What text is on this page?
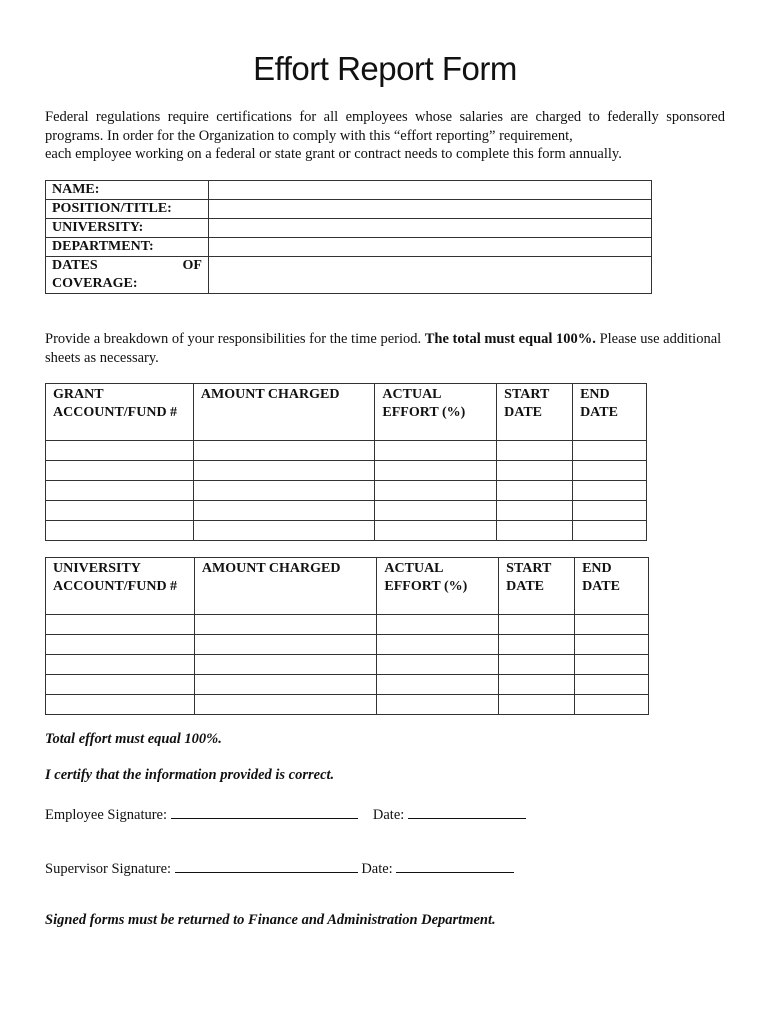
Effort Report Form
Federal regulations require certifications for all employees whose salaries are charged to federally sponsored programs. In order for the Organization to comply with this “effort reporting” requirement,
each employee working on a federal or state grant or contract needs to complete this form annually.
NAME:	
POSITION/TITLE:	
UNIVERSITY:	
DEPARTMENT:	

DATES OF
COVERAGE:	

Provide a breakdown of your responsibilities for the time period. The total must equal 100%. Please use additional sheets as necessary.
GRANT ACCOUNT/FUND #	AMOUNT CHARGED	ACTUAL EFFORT (%)	START DATE	END DATE

UNIVERSITY ACCOUNT/FUND #	AMOUNT CHARGED	ACTUAL EFFORT (%)	START DATE	END DATE

Total effort must equal 100%.
I certify that the information provided is correct.
Employee Signature:	Date:
Supervisor Signature:	Date:
Signed forms must be returned to Finance and Administration Department.
